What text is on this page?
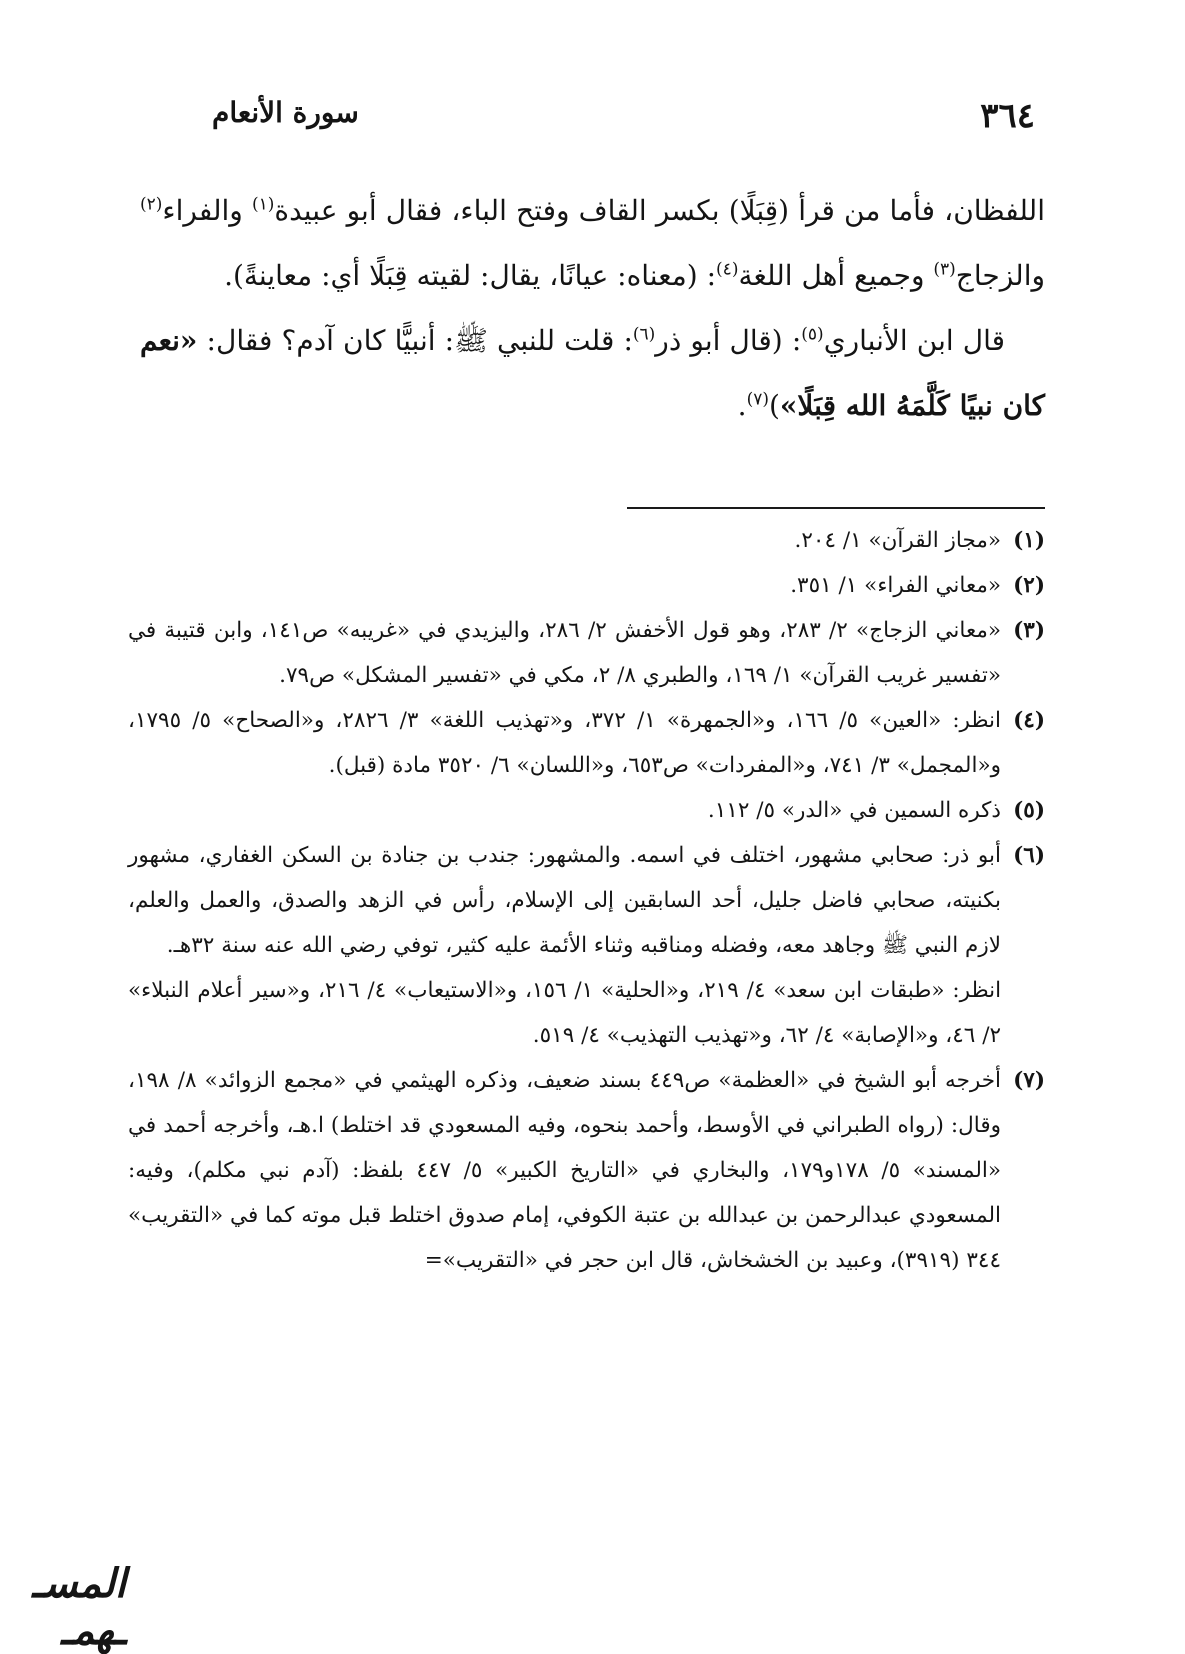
٣٦٤
سورة الأنعام

اللفظان، فأما من قرأ (قِبَلًا) بكسر القاف وفتح الباء، فقال أبو عبيدة$^{(١)}$ والفراء$^{(٢)}$ والزجاج$^{(٣)}$ وجميع أهل اللغة$^{(٤)}$: (معناه: عيانًا، يقال: لقيته قِبَلًا أي: معاينةً).

قال ابن الأنباري$^{(٥)}$: (قال أبو ذر$^{(٦)}$: قلت للنبي ﷺ: أنبيًّا كان آدم؟ فقال: «نعم كان نبيًا كَلَّمَهُ الله قِبَلًا»)$^{(٧)}$.

(١)
«مجاز القرآن» ١/ ٢٠٤.
(٢)
«معاني الفراء» ١/ ٣٥١.
(٣)
«معاني الزجاج» ٢/ ٢٨٣، وهو قول الأخفش ٢/ ٢٨٦، واليزيدي في «غريبه» ص١٤١، وابن قتيبة في «تفسير غريب القرآن» ١/ ١٦٩، والطبري ٨/ ٢، مكي في «تفسير المشكل» ص٧٩.
(٤)
انظر: «العين» ٥/ ١٦٦، و«الجمهرة» ١/ ٣٧٢، و«تهذيب اللغة» ٣/ ٢٨٢٦، و«الصحاح» ٥/ ١٧٩٥، و«المجمل» ٣/ ٧٤١، و«المفردات» ص٦٥٣، و«اللسان» ٦/ ٣٥٢٠ مادة (قبل).
(٥)
ذكره السمين في «الدر» ٥/ ١١٢.
(٦)

أبو ذر: صحابي مشهور، اختلف في اسمه. والمشهور: جندب بن جنادة بن السكن الغفاري، مشهور بكنيته، صحابي فاضل جليل، أحد السابقين إلى الإسلام، رأس في الزهد والصدق، والعمل والعلم، لازم النبي ﷺ وجاهد معه، وفضله ومناقبه وثناء الأئمة عليه كثير، توفي رضي الله عنه سنة ٣٢هـ.

انظر: «طبقات ابن سعد» ٤/ ٢١٩، و«الحلية» ١/ ١٥٦، و«الاستيعاب» ٤/ ٢١٦، و«سير أعلام النبلاء» ٢/ ٤٦، و«الإصابة» ٤/ ٦٢، و«تهذيب التهذيب» ٤/ ٥١٩.

(٧)
أخرجه أبو الشيخ في «العظمة» ص٤٤٩ بسند ضعيف، وذكره الهيثمي في «مجمع الزوائد» ٨/ ١٩٨، وقال: (رواه الطبراني في الأوسط، وأحمد بنحوه، وفيه المسعودي قد اختلط) ا.هـ، وأخرجه أحمد في «المسند» ٥/ ١٧٨و١٧٩، والبخاري في «التاريخ الكبير» ٥/ ٤٤٧ بلفظ: (آدم نبي مكلم)، وفيه: المسعودي عبدالرحمن بن عبدالله بن عتبة الكوفي، إمام صدوق اختلط قبل موته كما في «التقريب» ٣٤٤ (٣٩١٩)، وعبيد بن الخشخاش، قال ابن حجر في «التقريب»=
المسـ ـهمـ
